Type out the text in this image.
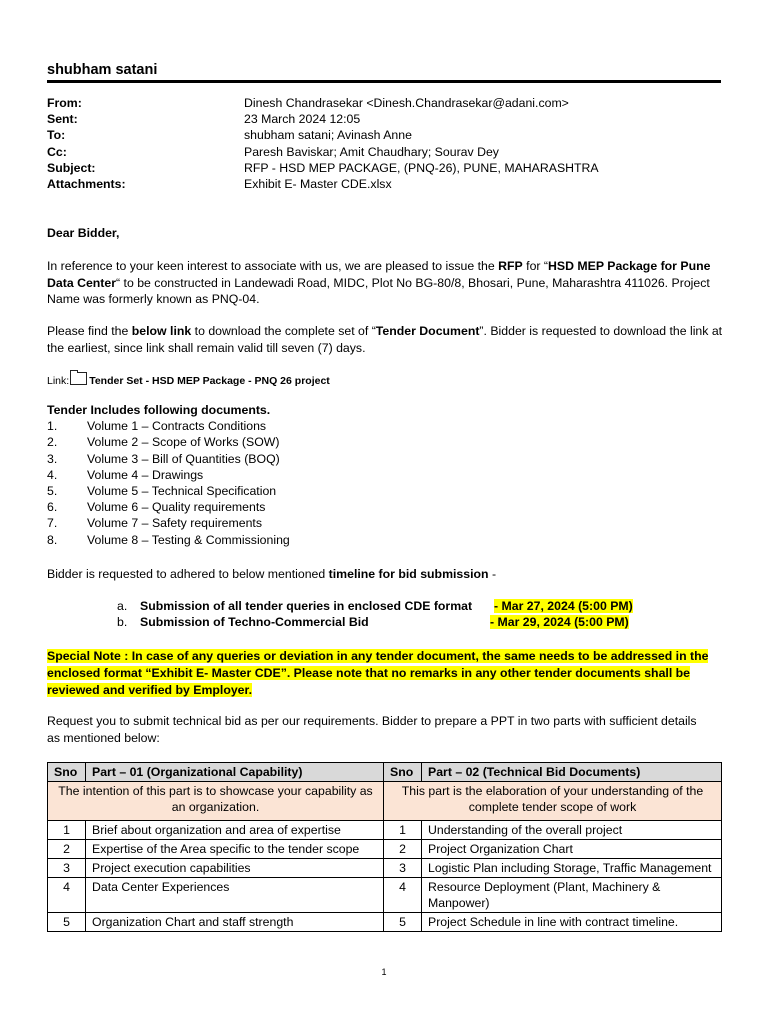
shubham satani
From:	Dinesh Chandrasekar <Dinesh.Chandrasekar@adani.com>
Sent:	23 March 2024 12:05
To:	shubham satani; Avinash Anne
Cc:	Paresh Baviskar; Amit Chaudhary; Sourav Dey
Subject:	RFP - HSD MEP PACKAGE, (PNQ-26), PUNE, MAHARASHTRA
Attachments:	Exhibit E- Master CDE.xlsx
Dear Bidder,
In reference to your keen interest to associate with us, we are pleased to issue the RFP for “HSD MEP Package for Pune Data Center“ to be constructed in Landewadi Road, MIDC, Plot No BG-80/8, Bhosari, Pune, Maharashtra 411026. Project Name was formerly known as PNQ-04.
Please find the below link to download the complete set of “Tender Document”. Bidder is requested to download the link at the earliest, since link shall remain valid till seven (7) days.
Link: Tender Set - HSD MEP Package - PNQ 26 project
Tender Includes following documents.
1. Volume 1 – Contracts Conditions
2. Volume 2 – Scope of Works (SOW)
3. Volume 3 – Bill of Quantities (BOQ)
4. Volume 4 – Drawings
5. Volume 5 – Technical Specification
6. Volume 6 – Quality requirements
7. Volume 7 – Safety requirements
8. Volume 8 – Testing & Commissioning
Bidder is requested to adhered to below mentioned timeline for bid submission -
a. Submission of all tender queries in enclosed CDE format - Mar 27, 2024 (5:00 PM)
b. Submission of Techno-Commercial Bid	- Mar 29, 2024 (5:00 PM)
Special Note : In case of any queries or deviation in any tender document, the same needs to be addressed in the
enclosed format “Exhibit E- Master CDE”. Please note that no remarks in any other tender documents shall be
reviewed and verified by Employer.
Request you to submit technical bid as per our requirements. Bidder to prepare a PPT in two parts with sufficient details as mentioned below:
Sno	Part – 01 (Organizational Capability)	Sno	Part – 02 (Technical Bid Documents)
The intention of this part is to showcase your capability as an organization.		This part is the elaboration of your understanding of the complete tender scope of work	
1	Brief about organization and area of expertise	1	Understanding of the overall project
2	Expertise of the Area specific to the tender scope	2	Project Organization Chart
3	Project execution capabilities	3	Logistic Plan including Storage, Traffic Management
4	Data Center Experiences	4	Resource Deployment (Plant, Machinery & Manpower)
5	Organization Chart and staff strength	5	Project Schedule in line with contract timeline.
1
